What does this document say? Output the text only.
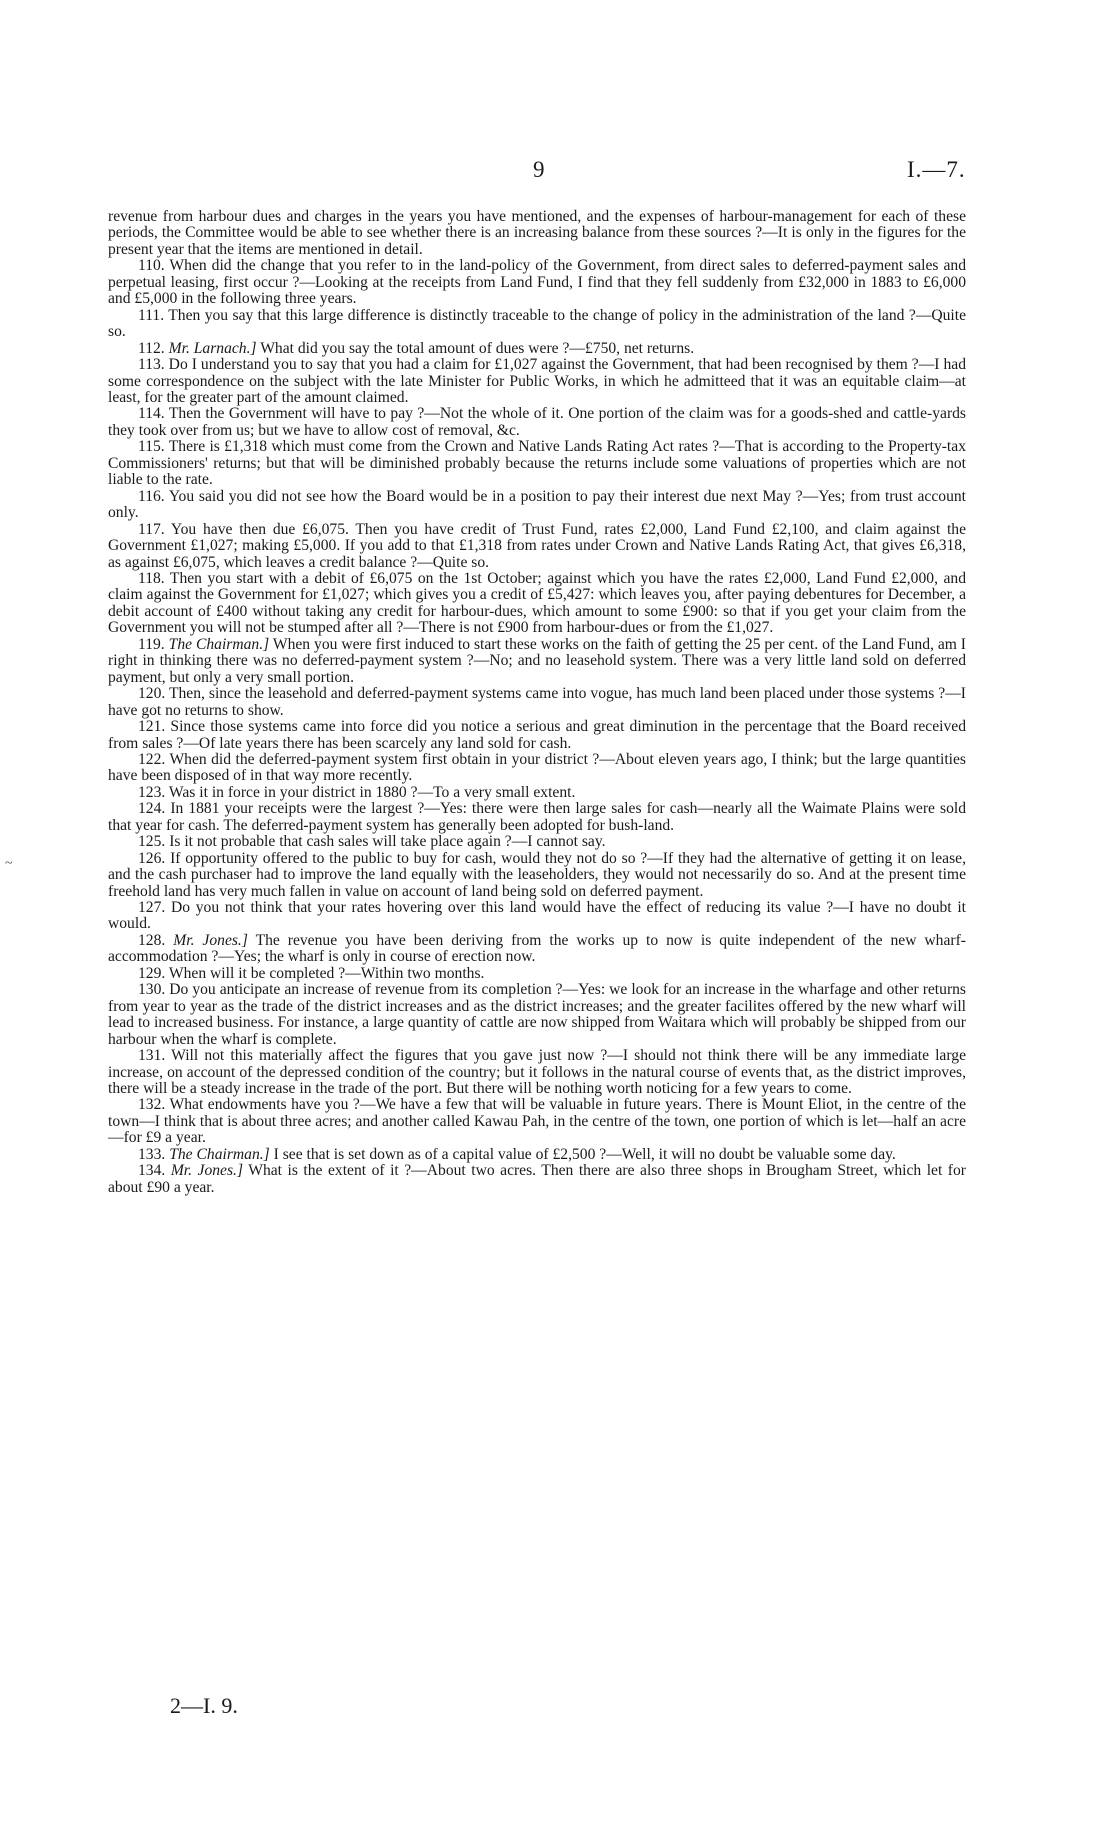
9	I.—7.
~

revenue from harbour dues and charges in the years you have mentioned, and the expenses of harbour-management for each of these periods, the Committee would be able to see whether there is an increasing balance from these sources ?—It is only in the figures for the present year that the items are mentioned in detail.

110. When did the change that you refer to in the land-policy of the Government, from direct sales to deferred-payment sales and perpetual leasing, first occur ?—Looking at the receipts from Land Fund, I find that they fell suddenly from £32,000 in 1883 to £6,000 and £5,000 in the following three years.

111. Then you say that this large difference is distinctly traceable to the change of policy in the administration of the land ?—Quite so.

112. Mr. Larnach.] What did you say the total amount of dues were ?—£750, net returns.

113. Do I understand you to say that you had a claim for £1,027 against the Government, that had been recognised by them ?—I had some correspondence on the subject with the late Minister for Public Works, in which he admitteed that it was an equitable claim—at least, for the greater part of the amount claimed.

114. Then the Government will have to pay ?—Not the whole of it. One portion of the claim was for a goods-shed and cattle-yards they took over from us; but we have to allow cost of removal, &c.

115. There is £1,318 which must come from the Crown and Native Lands Rating Act rates ?—That is according to the Property-tax Commissioners' returns; but that will be diminished probably because the returns include some valuations of properties which are not liable to the rate.

116. You said you did not see how the Board would be in a position to pay their interest due next May ?—Yes; from trust account only.

117. You have then due £6,075. Then you have credit of Trust Fund, rates £2,000, Land Fund £2,100, and claim against the Government £1,027; making £5,000. If you add to that £1,318 from rates under Crown and Native Lands Rating Act, that gives £6,318, as against £6,075, which leaves a credit balance ?—Quite so.

118. Then you start with a debit of £6,075 on the 1st October; against which you have the rates £2,000, Land Fund £2,000, and claim against the Government for £1,027; which gives you a credit of £5,427: which leaves you, after paying debentures for December, a debit account of £400 without taking any credit for harbour-dues, which amount to some £900: so that if you get your claim from the Government you will not be stumped after all ?—There is not £900 from harbour-dues or from the £1,027.

119. The Chairman.] When you were first induced to start these works on the faith of getting the 25 per cent. of the Land Fund, am I right in thinking there was no deferred-payment system ?—No; and no leasehold system. There was a very little land sold on deferred payment, but only a very small portion.

120. Then, since the leasehold and deferred-payment systems came into vogue, has much land been placed under those systems ?—I have got no returns to show.

121. Since those systems came into force did you notice a serious and great diminution in the percentage that the Board received from sales ?—Of late years there has been scarcely any land sold for cash.

122. When did the deferred-payment system first obtain in your district ?—About eleven years ago, I think; but the large quantities have been disposed of in that way more recently.

123. Was it in force in your district in 1880 ?—To a very small extent.

124. In 1881 your receipts were the largest ?—Yes: there were then large sales for cash—nearly all the Waimate Plains were sold that year for cash. The deferred-payment system has generally been adopted for bush-land.

125. Is it not probable that cash sales will take place again ?—I cannot say.

126. If opportunity offered to the public to buy for cash, would they not do so ?—If they had the alternative of getting it on lease, and the cash purchaser had to improve the land equally with the leaseholders, they would not necessarily do so. And at the present time freehold land has very much fallen in value on account of land being sold on deferred payment.

127. Do you not think that your rates hovering over this land would have the effect of reducing its value ?—I have no doubt it would.

128. Mr. Jones.] The revenue you have been deriving from the works up to now is quite independent of the new wharf-accommodation ?—Yes; the wharf is only in course of erection now.

129. When will it be completed ?—Within two months.

130. Do you anticipate an increase of revenue from its completion ?—Yes: we look for an increase in the wharfage and other returns from year to year as the trade of the district increases and as the district increases; and the greater facilites offered by the new wharf will lead to increased business. For instance, a large quantity of cattle are now shipped from Waitara which will probably be shipped from our harbour when the wharf is complete.

131. Will not this materially affect the figures that you gave just now ?—I should not think there will be any immediate large increase, on account of the depressed condition of the country; but it follows in the natural course of events that, as the district improves, there will be a steady increase in the trade of the port. But there will be nothing worth noticing for a few years to come.

132. What endowments have you ?—We have a few that will be valuable in future years. There is Mount Eliot, in the centre of the town—I think that is about three acres; and another called Kawau Pah, in the centre of the town, one portion of which is let—half an acre—for £9 a year.

133. The Chairman.] I see that is set down as of a capital value of £2,500 ?—Well, it will no doubt be valuable some day.

134. Mr. Jones.] What is the extent of it ?—About two acres. Then there are also three shops in Brougham Street, which let for about £90 a year.

2—I. 9.
